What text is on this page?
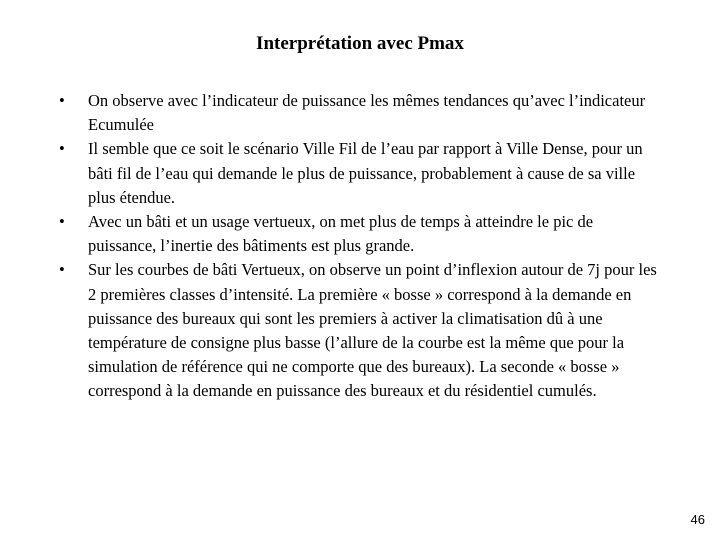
Interprétation avec Pmax
• On observe avec l’indicateur de puissance les mêmes tendances qu’avec l’indicateur Ecumulée
• Il semble que ce soit le scénario Ville Fil de l’eau par rapport à Ville Dense, pour un bâti fil de l’eau qui demande le plus de puissance, probablement à cause de sa ville plus étendue.
• Avec un bâti et un usage vertueux, on met plus de temps à atteindre le pic de puissance, l’inertie des bâtiments est plus grande.
• Sur les courbes de bâti Vertueux, on observe un point d’inflexion autour de 7j pour les 2 premières classes d’intensité. La première « bosse » correspond à la demande en puissance des bureaux qui sont les premiers à activer la climatisation dû à une température de consigne plus basse (l’allure de la courbe est la même que pour la simulation de référence qui ne comporte que des bureaux). La seconde « bosse » correspond à la demande en puissance des bureaux et du résidentiel cumulés.
46
